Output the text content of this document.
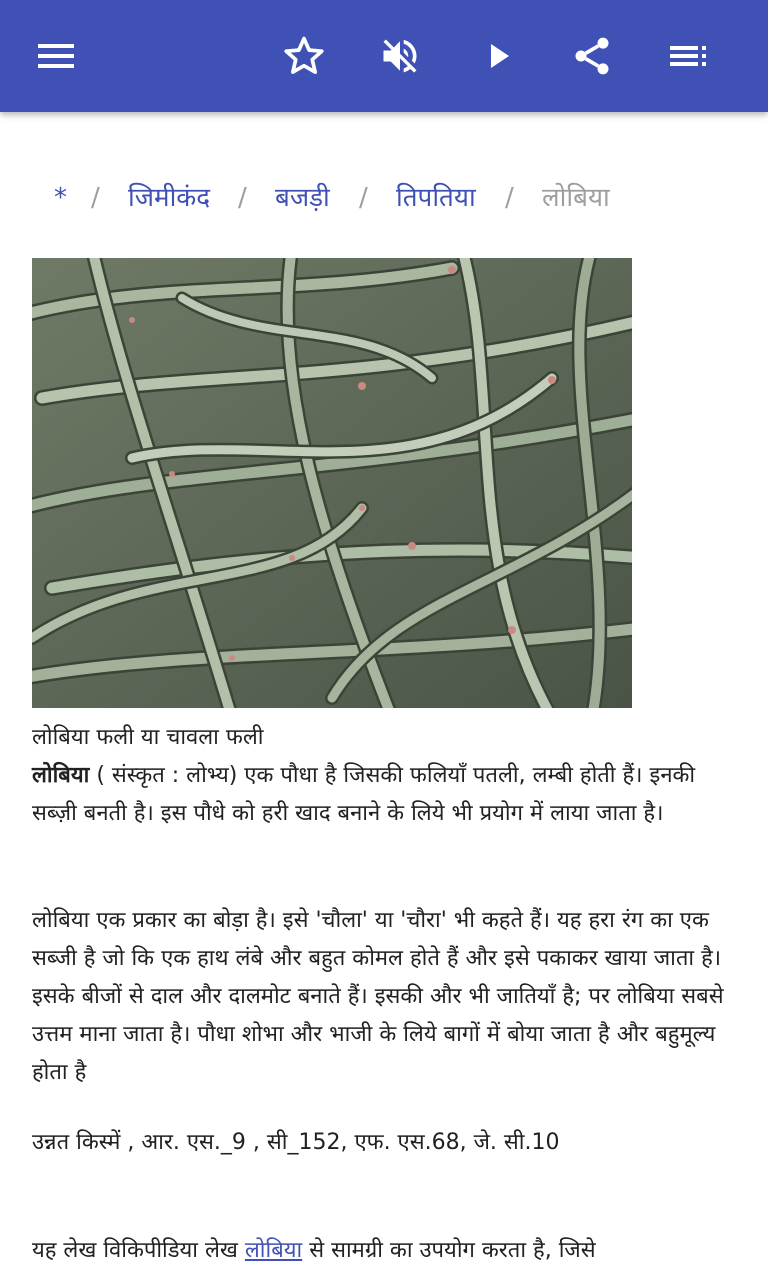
* / जिमीकंद / बजड़ी / तिपतिया / लोबिया
लोबिया फली या चावला फली

लोबिया ( संस्कृत : लोभ्य) एक पौधा है जिसकी फलियाँ पतली, लम्बी होती हैं। इनकी सब्ज़ी बनती है। इस पौधे को हरी खाद बनाने के लिये भी प्रयोग में लाया जाता है।

लोबिया एक प्रकार का बोड़ा है। इसे 'चौला' या 'चौरा' भी कहते हैं। यह हरा रंग का एक सब्जी है जो कि एक हाथ लंबे और बहुत कोमल होते हैं और इसे पकाकर खाया जाता है। इसके बीजों से दाल और दालमोट बनाते हैं। इसकी और भी जातियाँ है; पर लोबिया सबसे उत्तम माना जाता है। पौधा शोभा और भाजी के लिये बागों में बोया जाता है और बहुमूल्य होता है

उन्नत किस्में , आर. एस._9 , सी_152, एफ. एस.68, जे. सी.10

यह लेख विकिपीडिया लेख लोबिया से सामग्री का उपयोग करता है, जिसे
